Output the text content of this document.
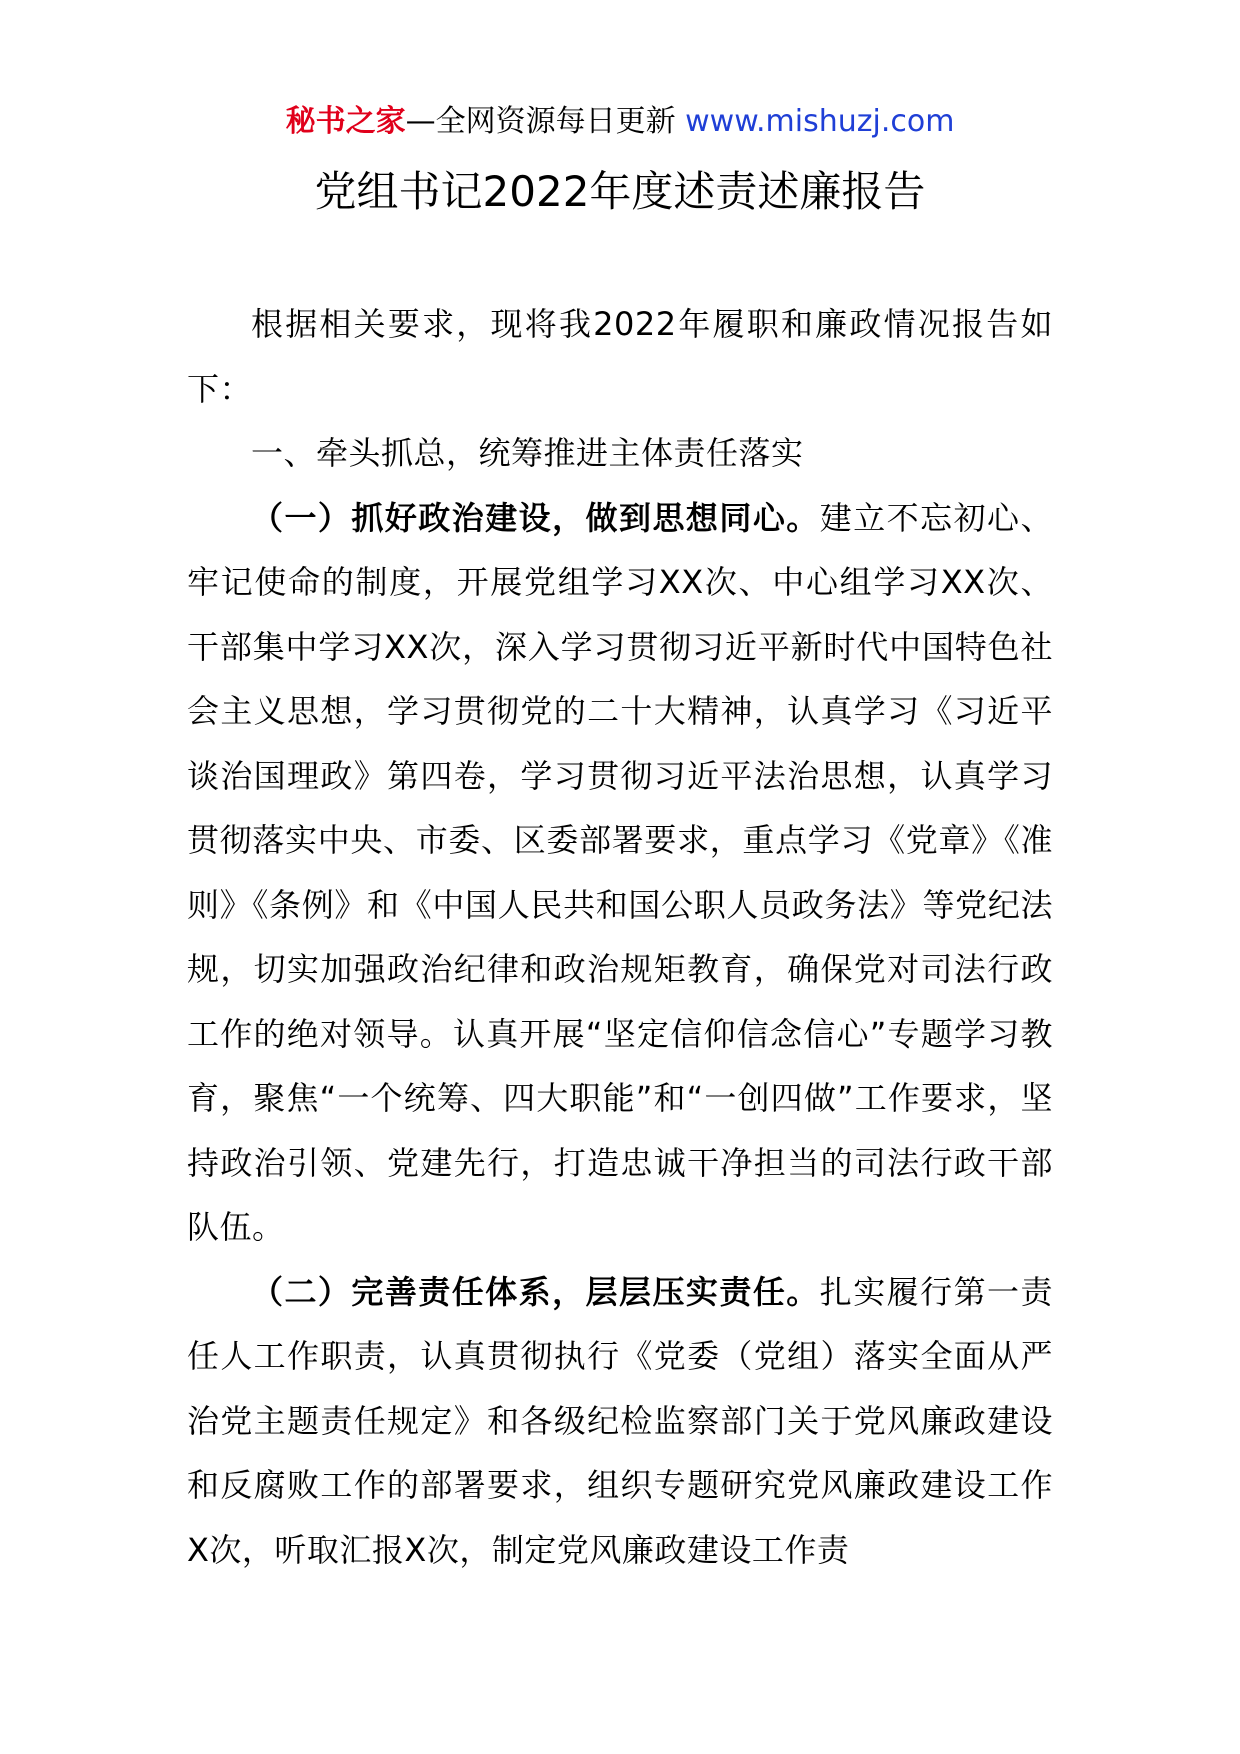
秘书之家—全网资源每日更新 www.mishuzj.com
党组书记2022年度述责述廉报告

根据相关要求，现将我2022年履职和廉政情况报告如下：

一、牵头抓总，统筹推进主体责任落实

（一）抓好政治建设，做到思想同心。建立不忘初心、牢记使命的制度，开展党组学习XX次、中心组学习XX次、干部集中学习XX次，深入学习贯彻习近平新时代中国特色社会主义思想，学习贯彻党的二十大精神，认真学习《习近平谈治国理政》第四卷，学习贯彻习近平法治思想，认真学习贯彻落实中央、市委、区委部署要求，重点学习《党章》《准则》《条例》和《中国人民共和国公职人员政务法》等党纪法规，切实加强政治纪律和政治规矩教育，确保党对司法行政工作的绝对领导。认真开展“坚定信仰信念信心”专题学习教育，聚焦“一个统筹、四大职能”和“一创四做”工作要求，坚持政治引领、党建先行，打造忠诚干净担当的司法行政干部队伍。

（二）完善责任体系，层层压实责任。扎实履行第一责任人工作职责，认真贯彻执行《党委（党组）落实全面从严治党主题责任规定》和各级纪检监察部门关于党风廉政建设和反腐败工作的部署要求，组织专题研究党风廉政建设工作X次，听取汇报X次，制定党风廉政建设工作责
